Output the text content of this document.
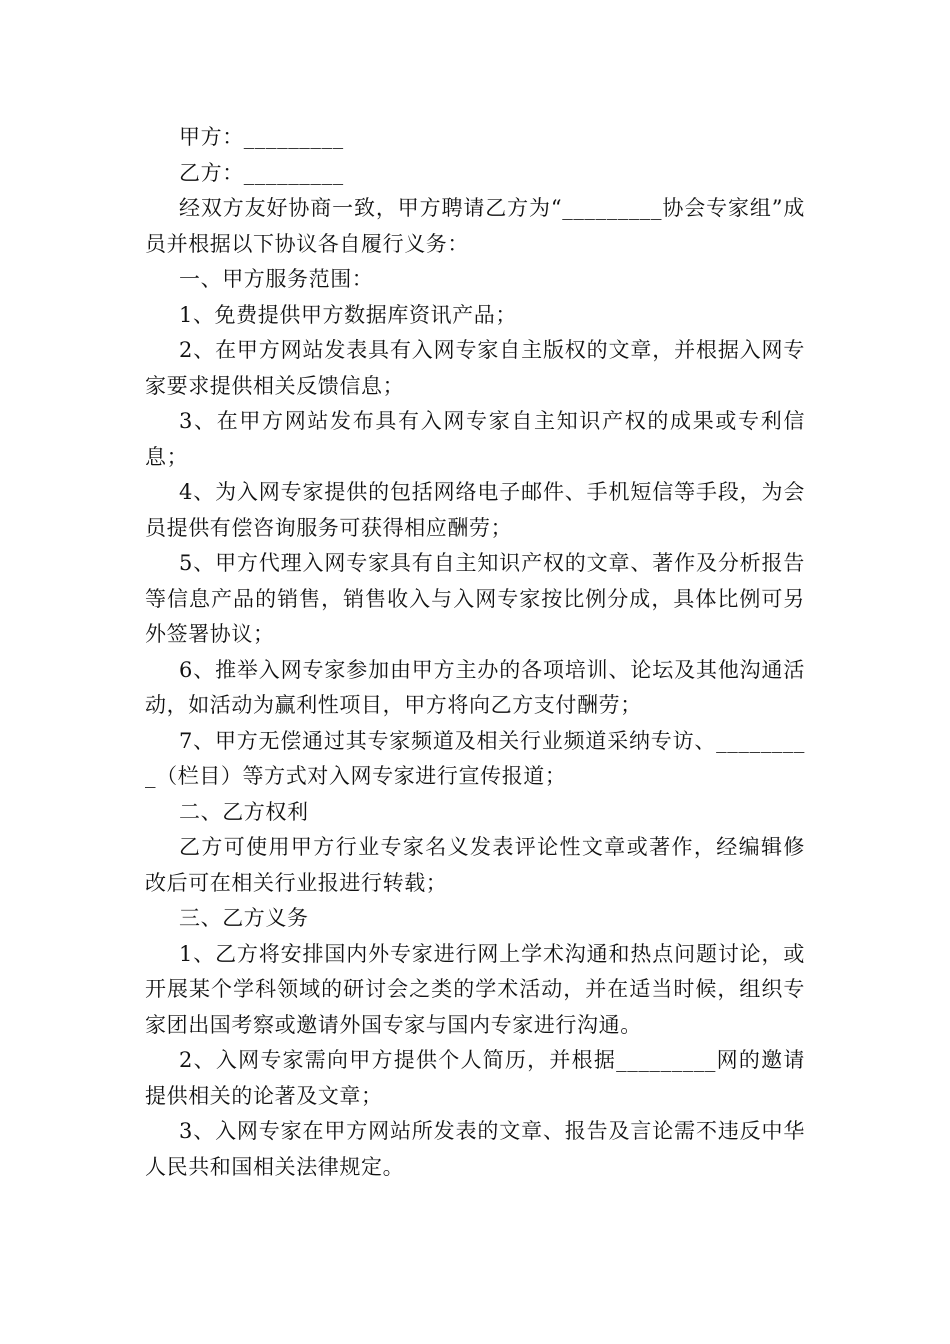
甲方：_________

乙方：_________

经双方友好协商一致，甲方聘请乙方为“_________协会专家组”成员并根据以下协议各自履行义务：

一、甲方服务范围：

1、免费提供甲方数据库资讯产品；

2、在甲方网站发表具有入网专家自主版权的文章，并根据入网专家要求提供相关反馈信息；

3、在甲方网站发布具有入网专家自主知识产权的成果或专利信息；

4、为入网专家提供的包括网络电子邮件、手机短信等手段，为会员提供有偿咨询服务可获得相应酬劳；

5、甲方代理入网专家具有自主知识产权的文章、著作及分析报告等信息产品的销售，销售收入与入网专家按比例分成，具体比例可另外签署协议；

6、推举入网专家参加由甲方主办的各项培训、论坛及其他沟通活动，如活动为赢利性项目，甲方将向乙方支付酬劳；

7、甲方无偿通过其专家频道及相关行业频道采纳专访、_________（栏目）等方式对入网专家进行宣传报道；

二、乙方权利

乙方可使用甲方行业专家名义发表评论性文章或著作，经编辑修改后可在相关行业报进行转载；

三、乙方义务

1、乙方将安排国内外专家进行网上学术沟通和热点问题讨论，或开展某个学科领域的研讨会之类的学术活动，并在适当时候，组织专家团出国考察或邀请外国专家与国内专家进行沟通。

2、入网专家需向甲方提供个人简历，并根据_________网的邀请提供相关的论著及文章；

3、入网专家在甲方网站所发表的文章、报告及言论需不违反中华人民共和国相关法律规定。
